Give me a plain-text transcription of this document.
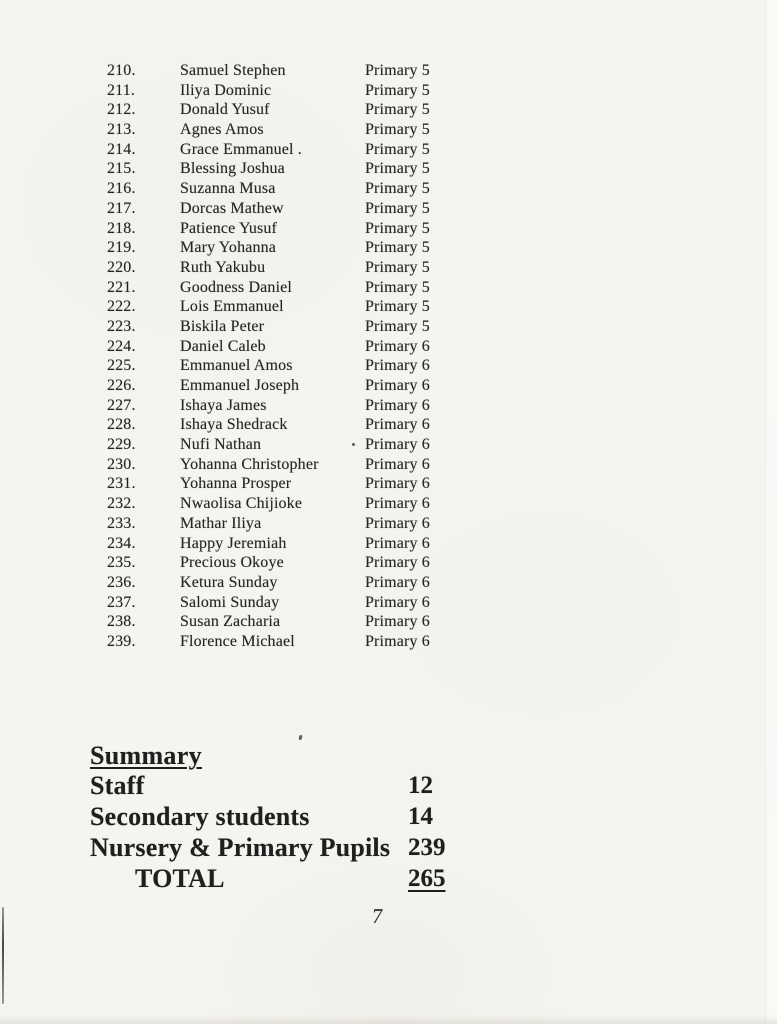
210.	Samuel Stephen	Primary 5
211.	Iliya Dominic	Primary 5
212.	Donald Yusuf	Primary 5
213.	Agnes Amos	Primary 5
214.	Grace Emmanuel .	Primary 5
215.	Blessing Joshua	Primary 5
216.	Suzanna Musa	Primary 5
217.	Dorcas Mathew	Primary 5
218.	Patience Yusuf	Primary 5
219.	Mary Yohanna	Primary 5
220.	Ruth Yakubu	Primary 5
221.	Goodness Daniel	Primary 5
222.	Lois Emmanuel	Primary 5
223.	Biskila Peter	Primary 5
224.	Daniel Caleb	Primary 6
225.	Emmanuel Amos	Primary 6
226.	Emmanuel Joseph	Primary 6
227.	Ishaya James	Primary 6
228.	Ishaya Shedrack	Primary 6
229.	Nufi Nathan	Primary 6
230.	Yohanna Christopher	Primary 6
231.	Yohanna Prosper	Primary 6
232.	Nwaolisa Chijioke	Primary 6
233.	Mathar Iliya	Primary 6
234.	Happy Jeremiah	Primary 6
235.	Precious Okoye	Primary 6
236.	Ketura Sunday	Primary 6
237.	Salomi Sunday	Primary 6
238.	Susan Zacharia	Primary 6
239.	Florence Michael	Primary 6
Summary
Staff	12
Secondary students	14
Nursery & Primary Pupils 239
TOTAL	265
7
